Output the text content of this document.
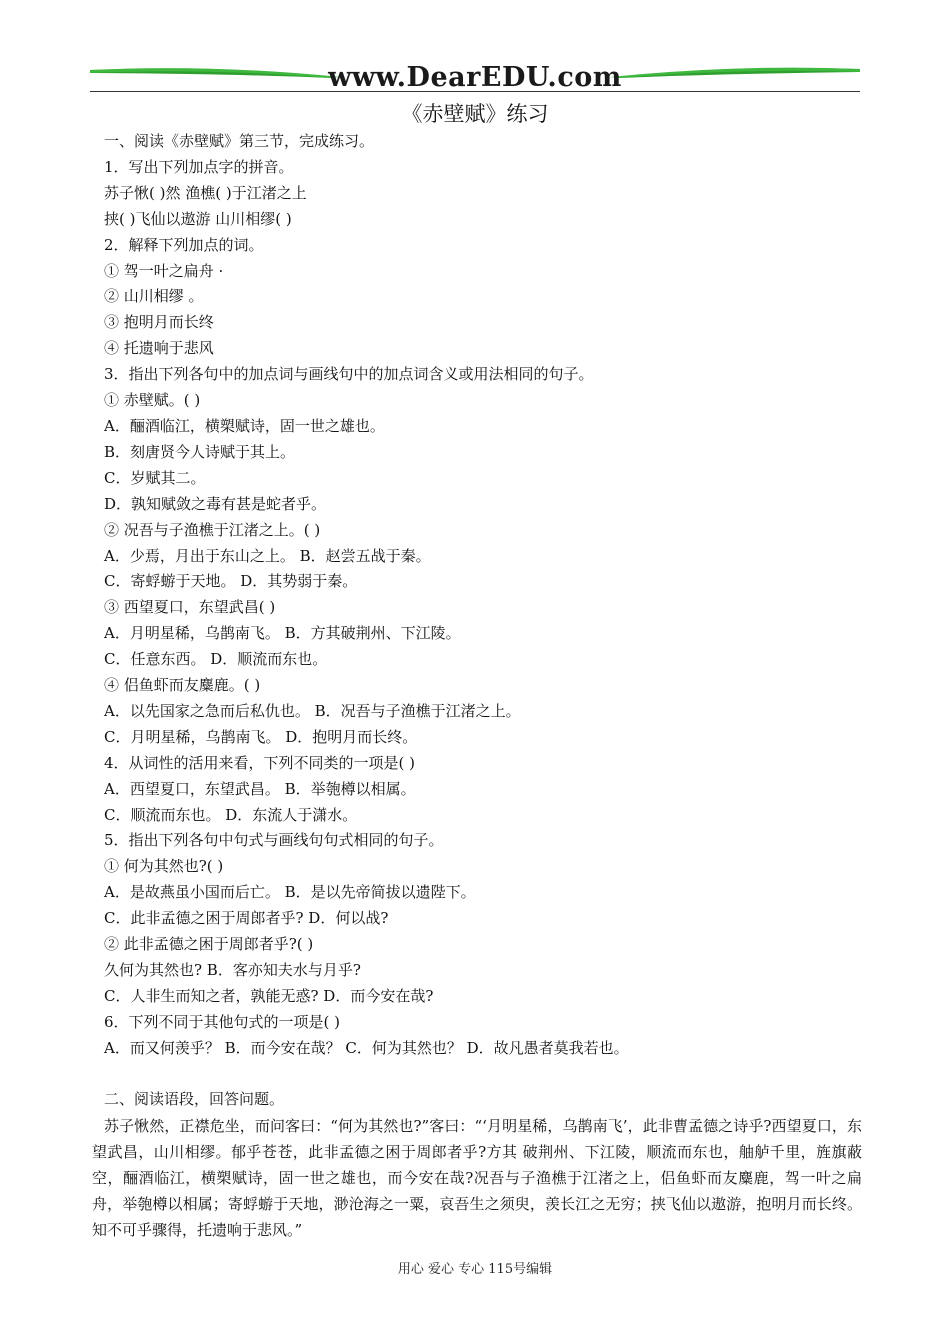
www.DearEDU.com
《赤壁赋》练习
一、阅读《赤壁赋》第三节，完成练习。
1．写出下列加点字的拼音。
苏子愀( )然 渔樵( )于江渚之上
挟( )飞仙以遨游 山川相缪( )
2．解释下列加点的词。
① 驾一叶之扁舟 ·
② 山川相缪 。
③ 抱明月而长终
④ 托遗响于悲风
3．指出下列各句中的加点词与画线句中的加点词含义或用法相同的句子。
① 赤壁赋。( )
A．酾酒临江，横槊赋诗，固一世之雄也。
B．刻唐贤今人诗赋于其上。
C．岁赋其二。
D．孰知赋敛之毒有甚是蛇者乎。
② 况吾与子渔樵于江渚之上。( )
A．少焉，月出于东山之上。 B．赵尝五战于秦。
C．寄蜉蝣于天地。 D．其势弱于秦。
③ 西望夏口，东望武昌( )
A．月明星稀，乌鹊南飞。 B．方其破荆州、下江陵。
C．任意东西。 D．顺流而东也。
④ 侣鱼虾而友麋鹿。( )
A．以先国家之急而后私仇也。 B．况吾与子渔樵于江渚之上。
C．月明星稀，乌鹊南飞。 D．抱明月而长终。
4．从词性的活用来看，下列不同类的一项是( )
A．西望夏口，东望武昌。 B．举匏樽以相属。
C．顺流而东也。 D．东流人于潇水。
5．指出下列各句中句式与画线句句式相同的句子。
① 何为其然也?( )
A．是故燕虽小国而后亡。 B．是以先帝简拔以遗陛下。
C．此非孟德之困于周郎者乎? D．何以战?
② 此非孟德之困于周郎者乎?( )
久何为其然也? B．客亦知夫水与月乎?
C．人非生而知之者，孰能无惑? D．而今安在哉?
6．下列不同于其他句式的一项是( )
A．而又何羡乎？ B．而今安在哉？ C．何为其然也？ D．故凡愚者莫我若也。
二、阅读语段，回答问题。
苏子愀然，正襟危坐，而问客曰：“何为其然也?”客曰：“‘月明星稀，乌鹊南飞’，此非曹孟德之诗乎?西望夏口，东望武昌，山川相缪。郁乎苍苍，此非孟德之困于周郎者乎?方其 破荆州、下江陵，顺流而东也，舳舻千里，旌旗蔽空，酾酒临江，横槊赋诗，固一世之雄也，而今安在哉?况吾与子渔樵于江渚之上，侣鱼虾而友麋鹿，驾一叶之扁舟，举匏樽以相属；寄蜉蝣于天地，渺沧海之一粟，哀吾生之须臾，羡长江之无穷；挟飞仙以遨游，抱明月而长终。知不可乎骤得，托遗响于悲风。”
用心 爱心 专心 115号编辑
